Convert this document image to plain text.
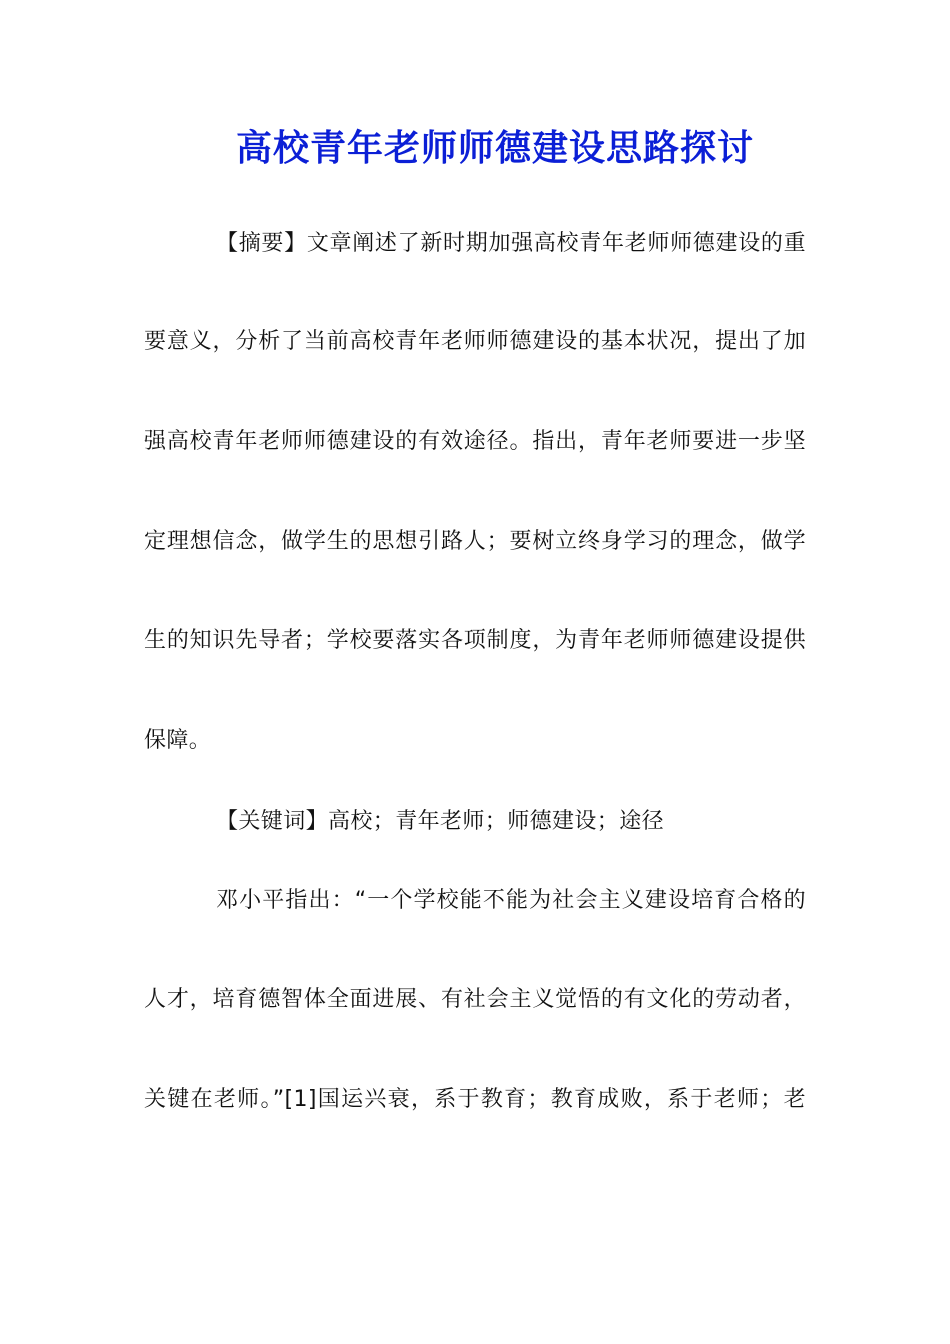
高校青年老师师德建设思路探讨
【摘要】文章阐述了新时期加强高校青年老师师德建设的重
要意义，分析了当前高校青年老师师德建设的基本状况，提出了加
强高校青年老师师德建设的有效途径。指出，青年老师要进一步坚
定理想信念，做学生的思想引路人；要树立终身学习的理念，做学
生的知识先导者；学校要落实各项制度，为青年老师师德建设提供
保障。
【关键词】高校；青年老师；师德建设；途径
邓小平指出：“一个学校能不能为社会主义建设培育合格的
人才，培育德智体全面进展、有社会主义觉悟的有文化的劳动者，
关键在老师。”[1]国运兴衰，系于教育；教育成败，系于老师；老
